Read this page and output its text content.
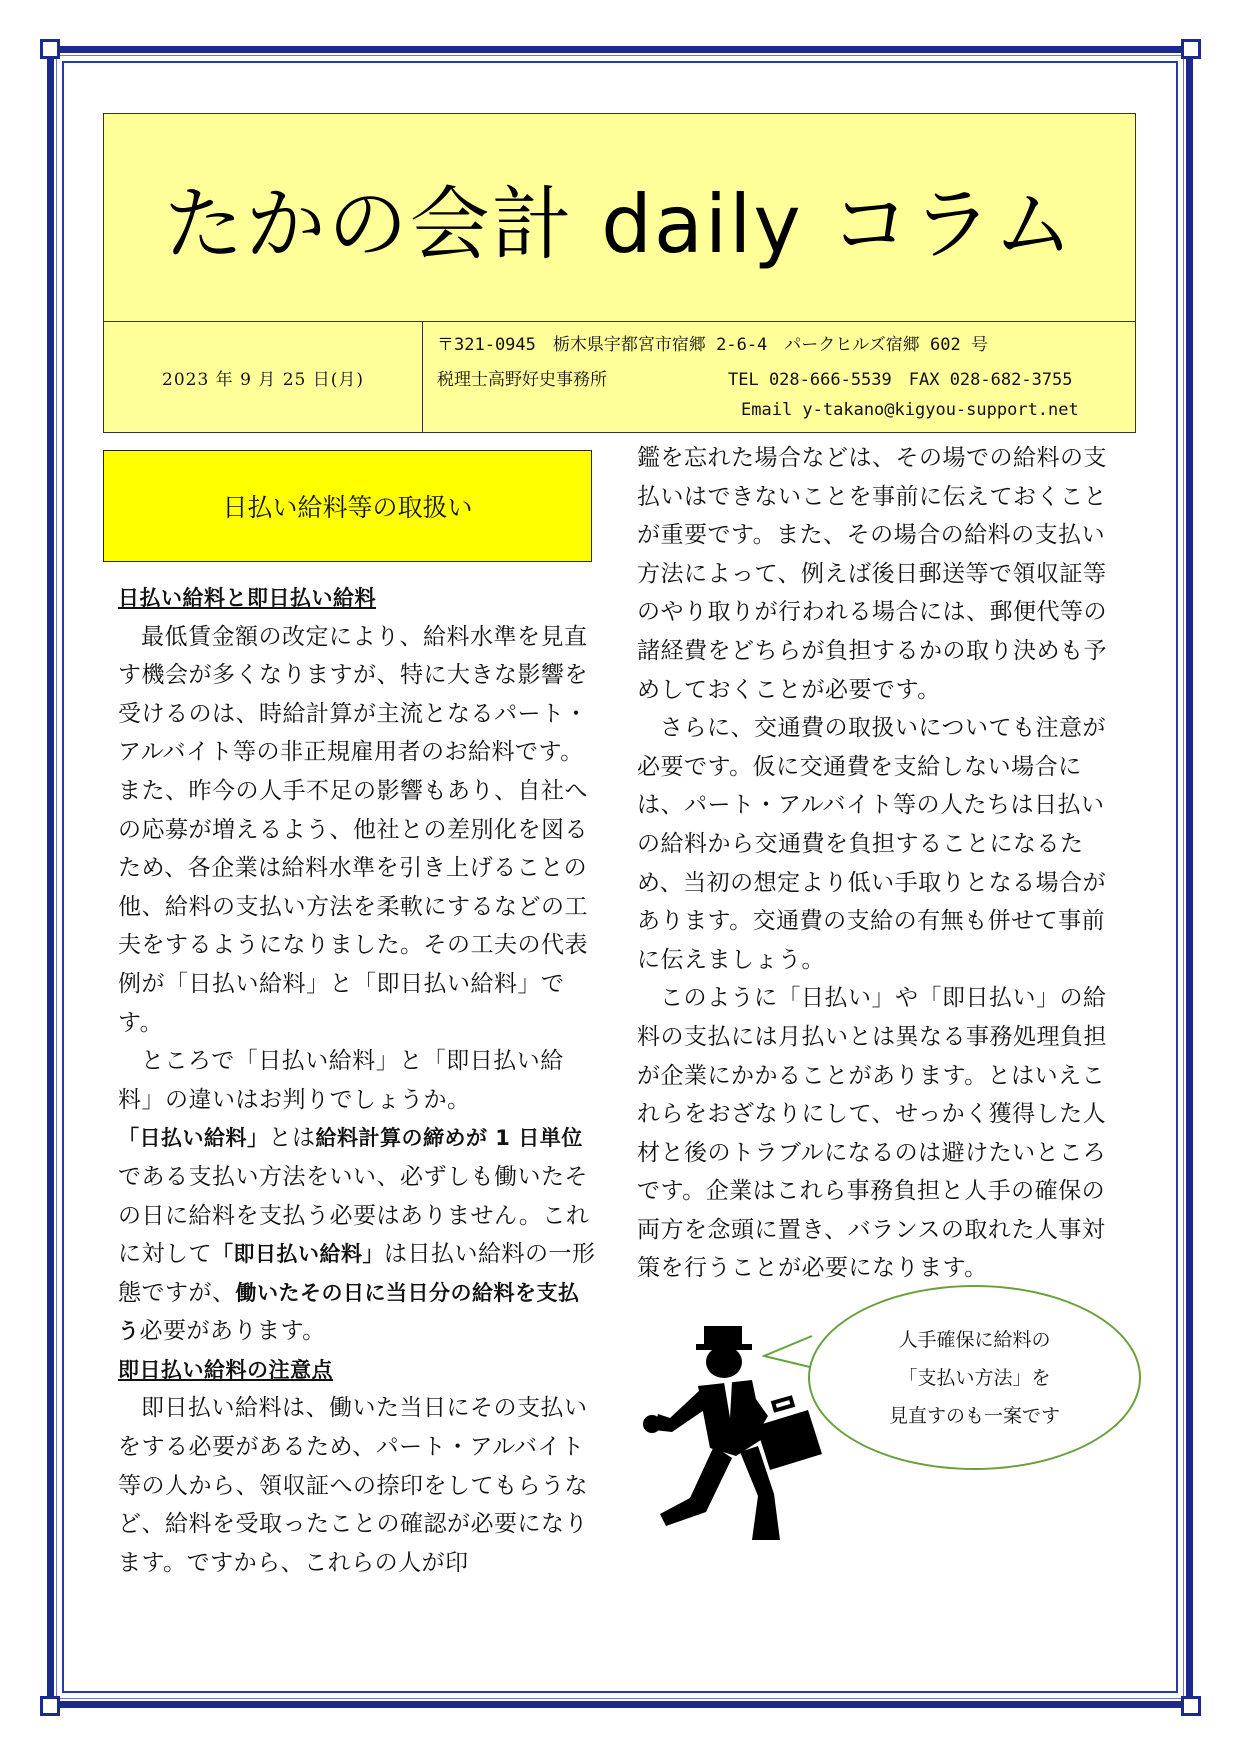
たかの会計 daily コラム
2023 年 9 月 25 日(月)
〒321-0945　栃木県宇都宮市宿郷 2-6-4　パークヒルズ宿郷 602 号
税理士高野好史事務所	TEL 028-666-5539　FAX 028-682-3755
Email y-takano@kigyou-support.net
日払い給料等の取扱い

日払い給料と即日払い給料

最低賃金額の改定により、給料水準を見直す機会が多くなりますが、特に大きな影響を受けるのは、時給計算が主流となるパート・アルバイト等の非正規雇用者のお給料です。また、昨今の人手不足の影響もあり、自社への応募が増えるよう、他社との差別化を図るため、各企業は給料水準を引き上げることの他、給料の支払い方法を柔軟にするなどの工夫をするようになりました。その工夫の代表例が「日払い給料」と「即日払い給料」です。

ところで「日払い給料」と「即日払い給料」の違いはお判りでしょうか。

「日払い給料」とは給料計算の締めが 1 日単位である支払い方法をいい、必ずしも働いたその日に給料を支払う必要はありません。これに対して「即日払い給料」は日払い給料の一形態ですが、働いたその日に当日分の給料を支払う必要があります。

即日払い給料の注意点

即日払い給料は、働いた当日にその支払いをする必要があるため、パート・アルバイト等の人から、領収証への捺印をしてもらうなど、給料を受取ったことの確認が必要になります。ですから、これらの人が印

鑑を忘れた場合などは、その場での給料の支払いはできないことを事前に伝えておくことが重要です。また、その場合の給料の支払い方法によって、例えば後日郵送等で領収証等のやり取りが行われる場合には、郵便代等の諸経費をどちらが負担するかの取り決めも予めしておくことが必要です。

さらに、交通費の取扱いについても注意が必要です。仮に交通費を支給しない場合には、パート・アルバイト等の人たちは日払いの給料から交通費を負担することになるため、当初の想定より低い手取りとなる場合があります。交通費の支給の有無も併せて事前に伝えましょう。

このように「日払い」や「即日払い」の給料の支払には月払いとは異なる事務処理負担が企業にかかることがあります。とはいえこれらをおざなりにして、せっかく獲得した人材と後のトラブルになるのは避けたいところです。企業はこれら事務負担と人手の確保の両方を念頭に置き、バランスの取れた人事対策を行うことが必要になります。

人手確保に給料の
「支払い方法」を
見直すのも一案です
